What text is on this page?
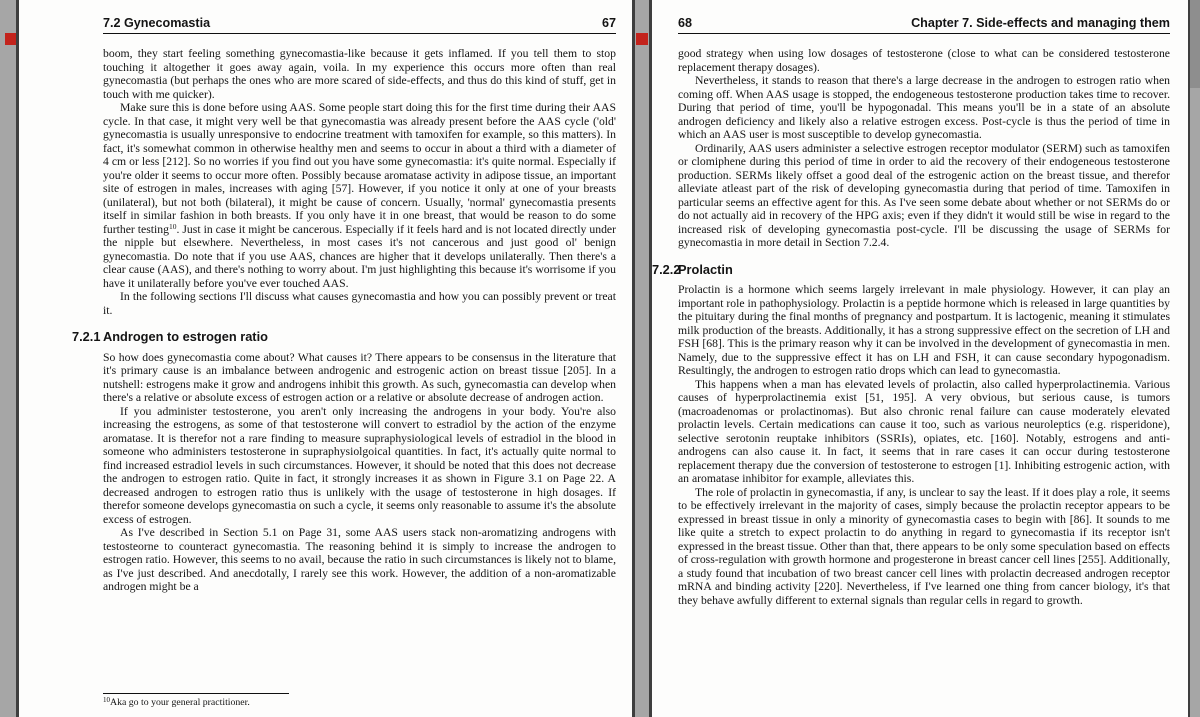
7.2 Gynecomastia	67

boom, they start feeling something gynecomastia-like because it gets inflamed. If you tell them to stop touching it altogether it goes away again, voila. In my experience this occurs more often than real gynecomastia (but perhaps the ones who are more scared of side-effects, and thus do this kind of stuff, get in touch with me quicker).

Make sure this is done before using AAS. Some people start doing this for the first time during their AAS cycle. In that case, it might very well be that gynecomastia was already present before the AAS cycle ('old' gynecomastia is usually unresponsive to endocrine treatment with tamoxifen for example, so this matters). In fact, it's somewhat common in otherwise healthy men and seems to occur in about a third with a diameter of 4 cm or less [212]. So no worries if you find out you have some gynecomastia: it's quite normal. Especially if you're older it seems to occur more often. Possibly because aromatase activity in adipose tissue, an important site of estrogen in males, increases with aging [57]. However, if you notice it only at one of your breasts (unilateral), but not both (bilateral), it might be cause of concern. Usually, 'normal' gynecomastia presents itself in similar fashion in both breasts. If you only have it in one breast, that would be reason to do some further testing$^{10}$. Just in case it might be cancerous. Especially if it feels hard and is not located directly under the nipple but elsewhere. Nevertheless, in most cases it's not cancerous and just good ol' benign gynecomastia. Do note that if you use AAS, chances are higher that it develops unilaterally. Then there's a clear cause (AAS), and there's nothing to worry about. I'm just highlighting this because it's worrisome if you have it unilaterally before you've ever touched AAS.

In the following sections I'll discuss what causes gynecomastia and how you can possibly prevent or treat it.

7.2.1 Androgen to estrogen ratio

So how does gynecomastia come about? What causes it? There appears to be consensus in the literature that it's primary cause is an imbalance between androgenic and estrogenic action on breast tissue [205]. In a nutshell: estrogens make it grow and androgens inhibit this growth. As such, gynecomastia can develop when there's a relative or absolute excess of estrogen action or a relative or absolute decrease of androgen action.

If you administer testosterone, you aren't only increasing the androgens in your body. You're also increasing the estrogens, as some of that testosterone will convert to estradiol by the action of the enzyme aromatase. It is therefor not a rare finding to measure supraphysiological levels of estradiol in the blood in someone who administers testosterone in supraphysiolgoical quantities. In fact, it's actually quite normal to find increased estradiol levels in such circumstances. However, it should be noted that this does not decrease the androgen to estrogen ratio. Quite in fact, it strongly increases it as shown in Figure 3.1 on Page 22. A decreased androgen to estrogen ratio thus is unlikely with the usage of testosterone in high dosages. If therefor someone develops gynecomastia on such a cycle, it seems only reasonable to assume it's the absolute excess of estrogen.

As I've described in Section 5.1 on Page 31, some AAS users stack non-aromatizing androgens with testosteorne to counteract gynecomastia. The reasoning behind it is simply to increase the androgen to estrogen ratio. However, this seems to no avail, because the ratio in such circumstances is likely not to blame, as I've just described. And anecdotally, I rarely see this work. However, the addition of a non-aromatizable androgen might be a

$^{10}$Aka go to your general practitioner.
68	Chapter 7. Side-effects and managing them

good strategy when using low dosages of testosterone (close to what can be considered testosterone replacement therapy dosages).

Nevertheless, it stands to reason that there's a large decrease in the androgen to estrogen ratio when coming off. When AAS usage is stopped, the endogeneous testosterone production takes time to recover. During that period of time, you'll be hypogonadal. This means you'll be in a state of an absolute androgen deficiency and likely also a relative estrogen excess. Post-cycle is thus the period of time in which an AAS user is most susceptible to develop gynecomastia.

Ordinarily, AAS users administer a selective estrogen receptor modulator (SERM) such as tamoxifen or clomiphene during this period of time in order to aid the recovery of their endogeneous testosterone production. SERMs likely offset a good deal of the estrogenic action on the breast tissue, and therefor alleviate atleast part of the risk of developing gynecomastia during that period of time. Tamoxifen in particular seems an effective agent for this. As I've seen some debate about whether or not SERMs do or do not actually aid in recovery of the HPG axis; even if they didn't it would still be wise in regard to the increased risk of developing gynecomastia post-cycle. I'll be discussing the usage of SERMs for gynecomastia in more detail in Section 7.2.4.

7.2.2
Prolactin

Prolactin is a hormone which seems largely irrelevant in male physiology. However, it can play an important role in pathophysiology. Prolactin is a peptide hormone which is released in large quantities by the pituitary during the final months of pregnancy and postpartum. It is lactogenic, meaning it stimulates milk production of the breasts. Additionally, it has a strong suppressive effect on the secretion of LH and FSH [68]. This is the primary reason why it can be involved in the development of gynecomastia in men. Namely, due to the suppressive effect it has on LH and FSH, it can cause secondary hypogonadism. Resultingly, the androgen to estrogen ratio drops which can lead to gynecomastia.

This happens when a man has elevated levels of prolactin, also called hyperprolactinemia. Various causes of hyperprolactinemia exist [51, 195]. A very obvious, but serious cause, is tumors (macroadenomas or prolactinomas). But also chronic renal failure can cause moderately elevated prolactin levels. Certain medications can cause it too, such as various neuroleptics (e.g. risperidone), selective serotonin reuptake inhibitors (SSRIs), opiates, etc. [160]. Notably, estrogens and anti-androgens can also cause it. In fact, it seems that in rare cases it can occur during testosterone replacement therapy due the conversion of testosterone to estrogen [1]. Inhibiting estrogenic action, with an aromatase inhibitor for example, alleviates this.

The role of prolactin in gynecomastia, if any, is unclear to say the least. If it does play a role, it seems to be effectively irrelevant in the majority of cases, simply because the prolactin receptor appears to be expressed in breast tissue in only a minority of gynecomastia cases to begin with [86]. It sounds to me like quite a stretch to expect prolactin to do anything in regard to gynecomastia if its receptor isn't expressed in the breast tissue. Other than that, there appears to be only some speculation based on effects of cross-regulation with growth hormone and progesterone in breast cancer cell lines [255]. Additionally, a study found that incubation of two breast cancer cell lines with prolactin decreased androgen receptor mRNA and binding activity [220]. Nevertheless, if I've learned one thing from cancer biology, it's that they behave awfully different to external signals than regular cells in regard to growth.
